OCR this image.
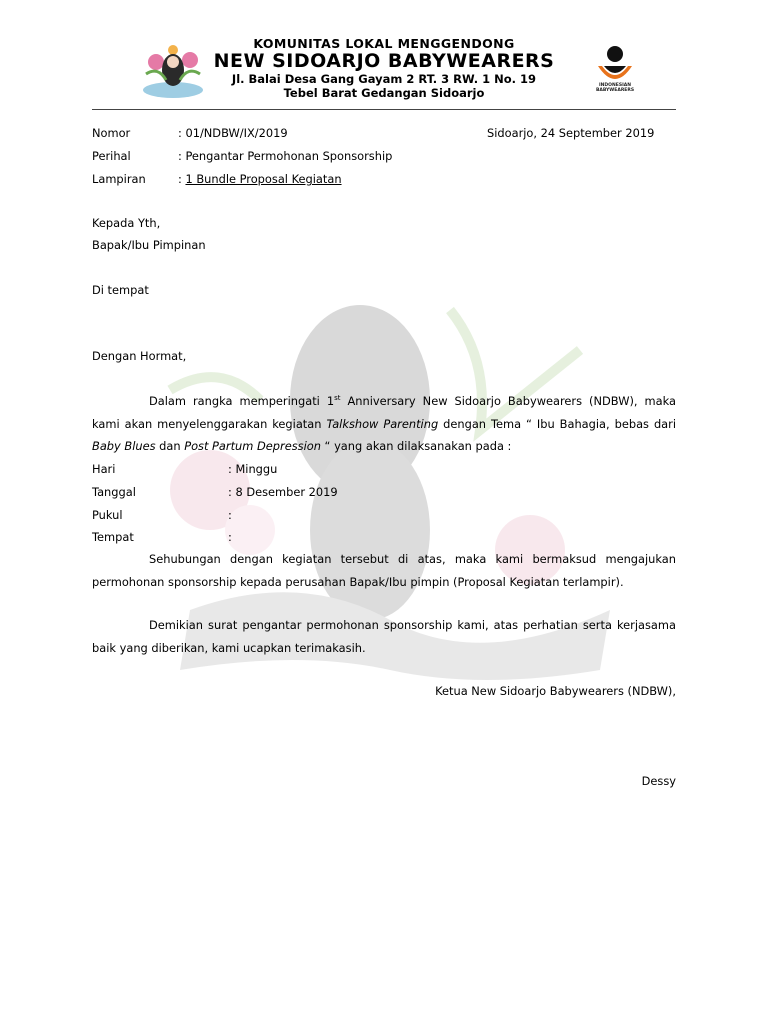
INDONESIAN BABYWEARERS
KOMUNITAS LOKAL MENGGENDONG
NEW SIDOARJO BABYWEARERS
Jl. Balai Desa Gang Gayam 2 RT. 3 RW. 1 No. 19
Tebel Barat Gedangan Sidoarjo
Nomor	: 01/NDBW/IX/2019	Sidoarjo, 24 September 2019
Perihal	: Pengantar Permohonan Sponsorship
Lampiran	: 1 Bundle Proposal Kegiatan
Kepada Yth,
Bapak/Ibu Pimpinan
Di tempat
Dengan Hormat,
Dalam rangka memperingati 1st Anniversary New Sidoarjo Babywearers (NDBW), maka kami akan menyelenggarakan kegiatan Talkshow Parenting dengan Tema “ Ibu Bahagia, bebas dari Baby Blues dan Post Partum Depression “ yang akan dilaksanakan pada :
Hari	: Minggu
Tanggal	: 8 Desember 2019
Pukul	:
Tempat	:
Sehubungan dengan kegiatan tersebut di atas, maka kami bermaksud mengajukan permohonan sponsorship kepada perusahan Bapak/Ibu pimpin (Proposal Kegiatan terlampir).
Demikian surat pengantar permohonan sponsorship kami, atas perhatian serta kerjasama baik yang diberikan, kami ucapkan terimakasih.
Ketua New Sidoarjo Babywearers (NDBW),
Dessy
